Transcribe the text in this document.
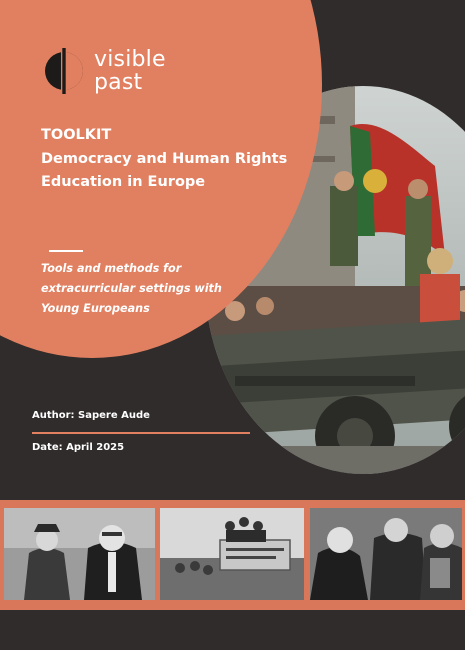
visible
past
TOOLKIT
Democracy and Human Rights
Education in Europe
Tools and methods for
extracurricular settings with
Young Europeans
Author: Sapere Aude
Date: April 2025
